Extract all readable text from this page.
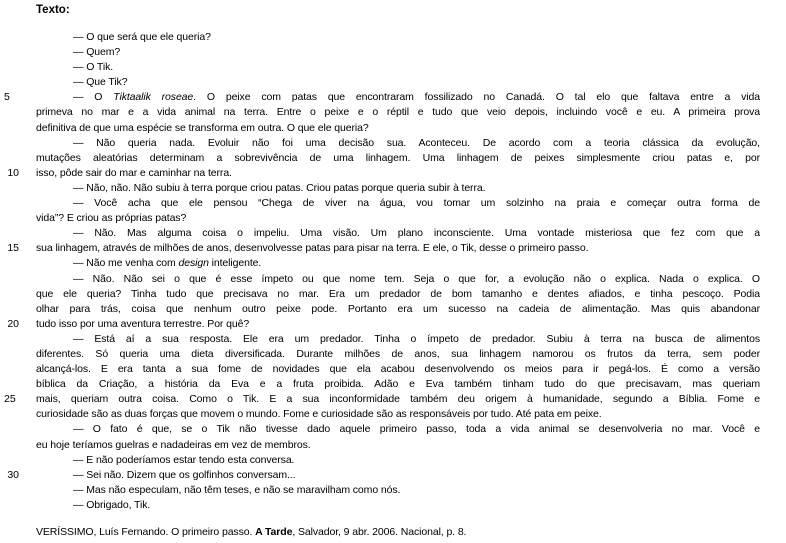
Texto:
— O que será que ele queria?
— Quem?
— O Tik.
— Que Tik?
5	— O Tiktaalik roseae. O peixe com patas que encontraram fossilizado no Canadá. O tal elo que faltava entre a vida
primeva no mar e a vida animal na terra. Entre o peixe e o réptil e tudo que veio depois, incluindo você e eu. A primeira prova
definitiva de que uma espécie se transforma em outra. O que ele queria?
— Não queria nada. Evoluir não foi uma decisão sua. Aconteceu. De acordo com a teoria clássica da evolução,
mutações aleatórias determinam a sobrevivência de uma linhagem. Uma linhagem de peixes simplesmente criou patas e, por
10 isso, pôde sair do mar e caminhar na terra.
— Não, não. Não subiu à terra porque criou patas. Criou patas porque queria subir à terra.
— Você acha que ele pensou “Chega de viver na água, vou tomar um solzinho na praia e começar outra forma de
vida”? E criou as próprias patas?
— Não. Mas alguma coisa o impeliu. Uma visão. Um plano inconsciente. Uma vontade misteriosa que fez com que a
15 sua linhagem, através de milhões de anos, desenvolvesse patas para pisar na terra. E ele, o Tik, desse o primeiro passo.
— Não me venha com design inteligente.
— Não. Não sei o que é esse ímpeto ou que nome tem. Seja o que for, a evolução não o explica. Nada o explica. O
que ele queria? Tinha tudo que precisava no mar. Era um predador de bom tamanho e dentes afiados, e tinha pescoço. Podia
olhar para trás, coisa que nenhum outro peixe pode. Portanto era um sucesso na cadeia de alimentação. Mas quis abandonar
20 tudo isso por uma aventura terrestre. Por quê?
— Está aí a sua resposta. Ele era um predador. Tinha o ímpeto de predador. Subiu à terra na busca de alimentos
diferentes. Só queria uma dieta diversificada. Durante milhões de anos, sua linhagem namorou os frutos da terra, sem poder
alcançá-los. E era tanta a sua fome de novidades que ela acabou desenvolvendo os meios para ir pegá-los. É como a versão
bíblica da Criação, a história da Eva e a fruta proibida. Adão e Eva também tinham tudo do que precisavam, mas queriam
25	mais, queriam outra coisa. Como o Tik. E a sua inconformidade também deu origem à humanidade, segundo a Bíblia. Fome e
curiosidade são as duas forças que movem o mundo. Fome e curiosidade são as responsáveis por tudo. Até pata em peixe.
— O fato é que, se o Tik não tivesse dado aquele primeiro passo, toda a vida animal se desenvolveria no mar. Você e
eu hoje teríamos guelras e nadadeiras em vez de membros.
— E não poderíamos estar tendo esta conversa.
30	— Sei não. Dizem que os golfinhos conversam...
— Mas não especulam, não têm teses, e não se maravilham como nós.
— Obrigado, Tik.
VERÍSSIMO, Luís Fernando. O primeiro passo. A Tarde, Salvador, 9 abr. 2006. Nacional, p. 8.
